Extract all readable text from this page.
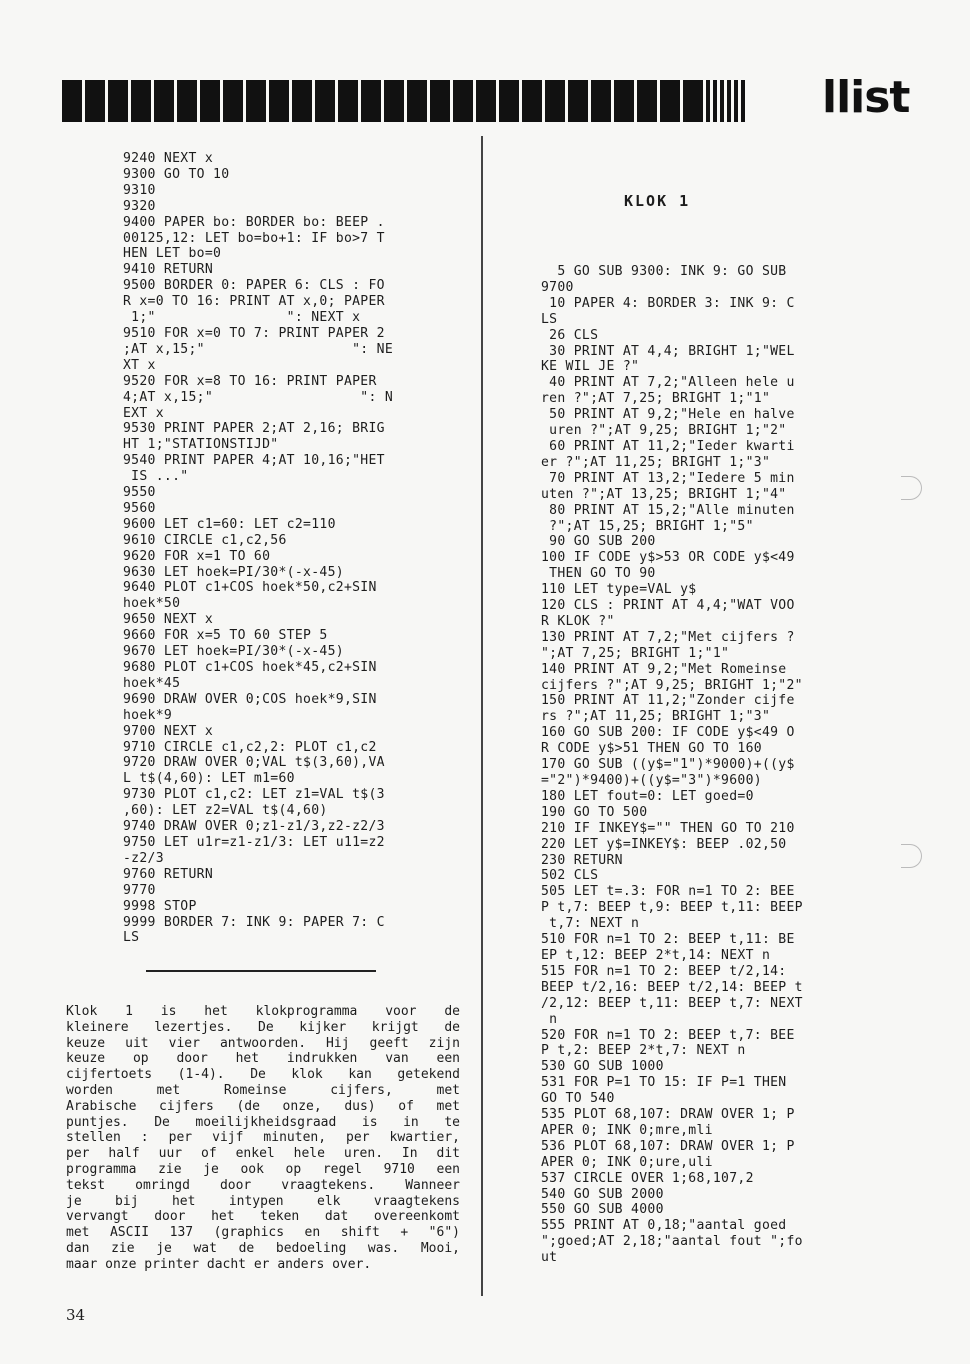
llist
9240 NEXT x
9300 GO TO 10
9310
9320
9400 PAPER bo: BORDER bo: BEEP .
00125,12: LET bo=bo+1: IF bo>7 T
HEN LET bo=0
9410 RETURN
9500 BORDER 0: PAPER 6: CLS : FO
R x=0 TO 16: PRINT AT x,0; PAPER
1;"                ": NEXT x
9510 FOR x=0 TO 7: PRINT PAPER 2
;AT x,15;"                  ": NE
XT x
9520 FOR x=8 TO 16: PRINT PAPER
4;AT x,15;"                  ": N
EXT x
9530 PRINT PAPER 2;AT 2,16; BRIG
HT 1;"STATIONSTIJD"
9540 PRINT PAPER 4;AT 10,16;"HET
IS ..."
9550
9560
9600 LET c1=60: LET c2=110
9610 CIRCLE c1,c2,56
9620 FOR x=1 TO 60
9630 LET hoek=PI/30*(-x-45)
9640 PLOT c1+COS hoek*50,c2+SIN
hoek*50
9650 NEXT x
9660 FOR x=5 TO 60 STEP 5
9670 LET hoek=PI/30*(-x-45)
9680 PLOT c1+COS hoek*45,c2+SIN
hoek*45
9690 DRAW OVER 0;COS hoek*9,SIN
hoek*9
9700 NEXT x
9710 CIRCLE c1,c2,2: PLOT c1,c2
9720 DRAW OVER 0;VAL t$(3,60),VA
L t$(4,60): LET m1=60
9730 PLOT c1,c2: LET z1=VAL t$(3
,60): LET z2=VAL t$(4,60)
9740 DRAW OVER 0;z1-z1/3,z2-z2/3
9750 LET u1r=z1-z1/3: LET u11=z2
-z2/3
9760 RETURN
9770
9998 STOP
9999 BORDER 7: INK 9: PAPER 7: C
LS
KLOK 1
5 GO SUB 9300: INK 9: GO SUB
9700
10 PAPER 4: BORDER 3: INK 9: C
LS
26 CLS
30 PRINT AT 4,4; BRIGHT 1;"WEL
KE WIL JE ?"
40 PRINT AT 7,2;"Alleen hele u
ren ?";AT 7,25; BRIGHT 1;"1"
50 PRINT AT 9,2;"Hele en halve
uren ?";AT 9,25; BRIGHT 1;"2"
60 PRINT AT 11,2;"Ieder kwarti
er ?";AT 11,25; BRIGHT 1;"3"
70 PRINT AT 13,2;"Iedere 5 min
uten ?";AT 13,25; BRIGHT 1;"4"
80 PRINT AT 15,2;"Alle minuten
?";AT 15,25; BRIGHT 1;"5"
90 GO SUB 200
100 IF CODE y$>53 OR CODE y$<49
THEN GO TO 90
110 LET type=VAL y$
120 CLS : PRINT AT 4,4;"WAT VOO
R KLOK ?"
130 PRINT AT 7,2;"Met cijfers ?
";AT 7,25; BRIGHT 1;"1"
140 PRINT AT 9,2;"Met Romeinse
cijfers ?";AT 9,25; BRIGHT 1;"2"
150 PRINT AT 11,2;"Zonder cijfe
rs ?";AT 11,25; BRIGHT 1;"3"
160 GO SUB 200: IF CODE y$<49 O
R CODE y$>51 THEN GO TO 160
170 GO SUB ((y$="1")*9000)+((y$
="2")*9400)+((y$="3")*9600)
180 LET fout=0: LET goed=0
190 GO TO 500
210 IF INKEY$="" THEN GO TO 210
220 LET y$=INKEY$: BEEP .02,50
230 RETURN
502 CLS
505 LET t=.3: FOR n=1 TO 2: BEE
P t,7: BEEP t,9: BEEP t,11: BEEP
t,7: NEXT n
510 FOR n=1 TO 2: BEEP t,11: BE
EP t,12: BEEP 2*t,14: NEXT n
515 FOR n=1 TO 2: BEEP t/2,14:
BEEP t/2,16: BEEP t/2,14: BEEP t
/2,12: BEEP t,11: BEEP t,7: NEXT
n
520 FOR n=1 TO 2: BEEP t,7: BEE
P t,2: BEEP 2*t,7: NEXT n
530 GO SUB 1000
531 FOR P=1 TO 15: IF P=1 THEN
GO TO 540
535 PLOT 68,107: DRAW OVER 1; P
APER 0; INK 0;mre,mli
536 PLOT 68,107: DRAW OVER 1; P
APER 0; INK 0;ure,uli
537 CIRCLE OVER 1;68,107,2
540 GO SUB 2000
550 GO SUB 4000
555 PRINT AT 0,18;"aantal goed
";goed;AT 2,18;"aantal fout ";fo
ut
Klok 1 is het klokprogramma voor de
kleinere lezertjes. De kijker krijgt de
keuze uit vier antwoorden. Hij geeft zijn
keuze op door het indrukken van een
cijfertoets (1-4). De klok kan getekend
worden met Romeinse cijfers, met
Arabische cijfers (de onze, dus) of met
puntjes. De moeilijkheidsgraad is in te
stellen : per vijf minuten, per kwartier,
per half uur of enkel hele uren. In dit
programma zie je ook op regel 9710 een
tekst omringd door vraagtekens. Wanneer
je bij het intypen elk vraagtekens
vervangt door het teken dat overeenkomt
met ASCII 137 (graphics en shift + "6")
dan zie je wat de bedoeling was. Mooi,
maar onze printer dacht er anders over.
34
